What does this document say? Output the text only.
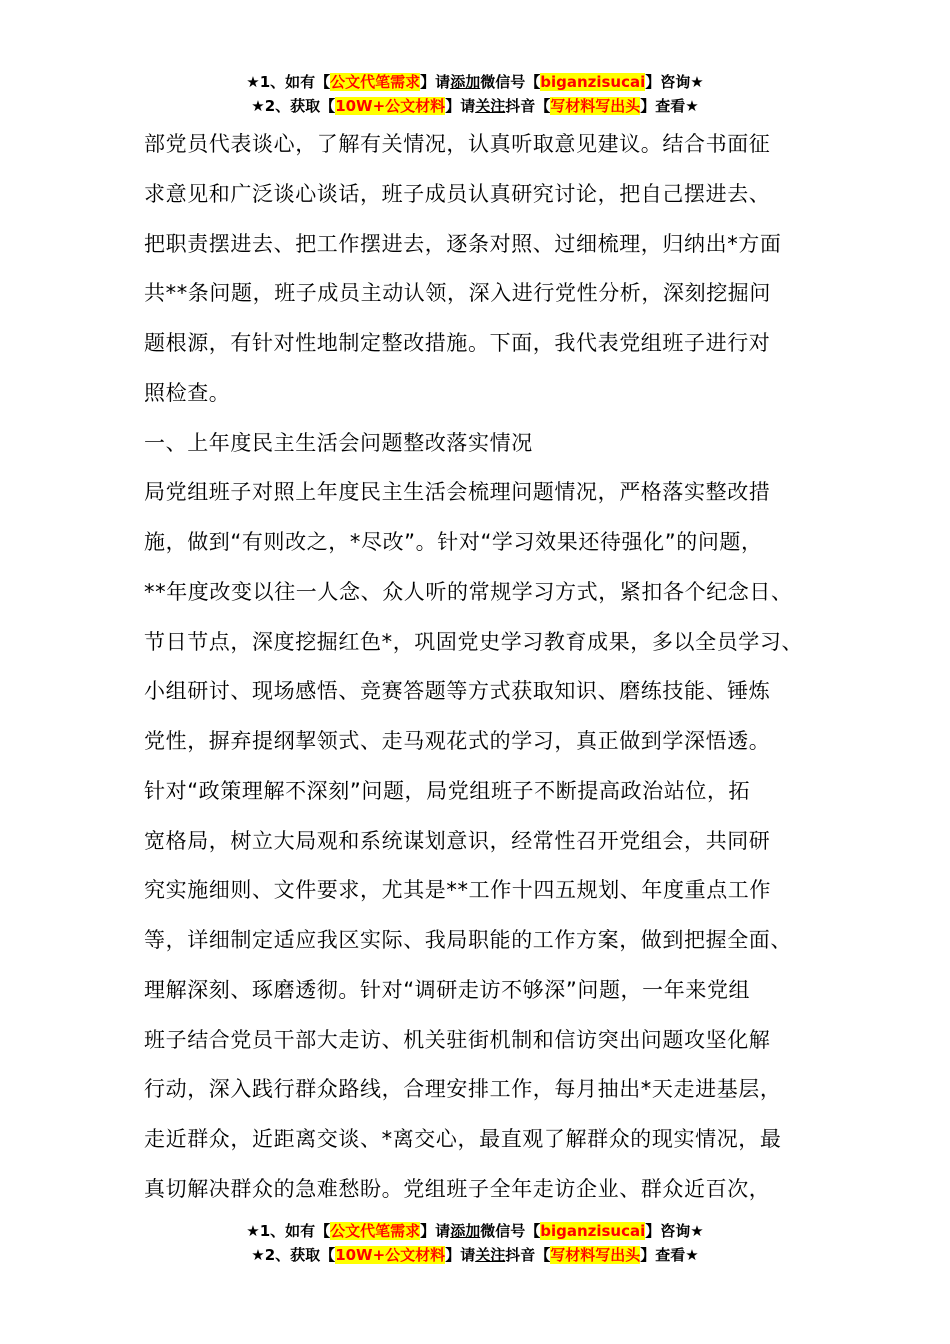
★1、如有【公文代笔需求】请添加微信号【biganzisucai】咨询★
★2、获取【10W+公文材料】请关注抖音【写材料写出头】查看★
部党员代表谈心，了解有关情况，认真听取意见建议。结合书面征
求意见和广泛谈心谈话，班子成员认真研究讨论，把自己摆进去、
把职责摆进去、把工作摆进去，逐条对照、过细梳理，归纳出*方面
共**条问题，班子成员主动认领，深入进行党性分析，深刻挖掘问
题根源，有针对性地制定整改措施。下面，我代表党组班子进行对
照检查。
一、上年度民主生活会问题整改落实情况
局党组班子对照上年度民主生活会梳理问题情况，严格落实整改措
施，做到“有则改之，*尽改”。针对“学习效果还待强化”的问题，
**年度改变以往一人念、众人听的常规学习方式，紧扣各个纪念日、
节日节点，深度挖掘红色*，巩固党史学习教育成果，多以全员学习、
小组研讨、现场感悟、竞赛答题等方式获取知识、磨练技能、锤炼
党性，摒弃提纲挈领式、走马观花式的学习，真正做到学深悟透。
针对“政策理解不深刻”问题，局党组班子不断提高政治站位，拓
宽格局，树立大局观和系统谋划意识，经常性召开党组会，共同研
究实施细则、文件要求，尤其是**工作十四五规划、年度重点工作
等，详细制定适应我区实际、我局职能的工作方案，做到把握全面、
理解深刻、琢磨透彻。针对“调研走访不够深”问题，一年来党组
班子结合党员干部大走访、机关驻街机制和信访突出问题攻坚化解
行动，深入践行群众路线，合理安排工作，每月抽出*天走进基层，
走近群众，近距离交谈、*离交心，最直观了解群众的现实情况，最
真切解决群众的急难愁盼。党组班子全年走访企业、群众近百次，
★1、如有【公文代笔需求】请添加微信号【biganzisucai】咨询★
★2、获取【10W+公文材料】请关注抖音【写材料写出头】查看★
